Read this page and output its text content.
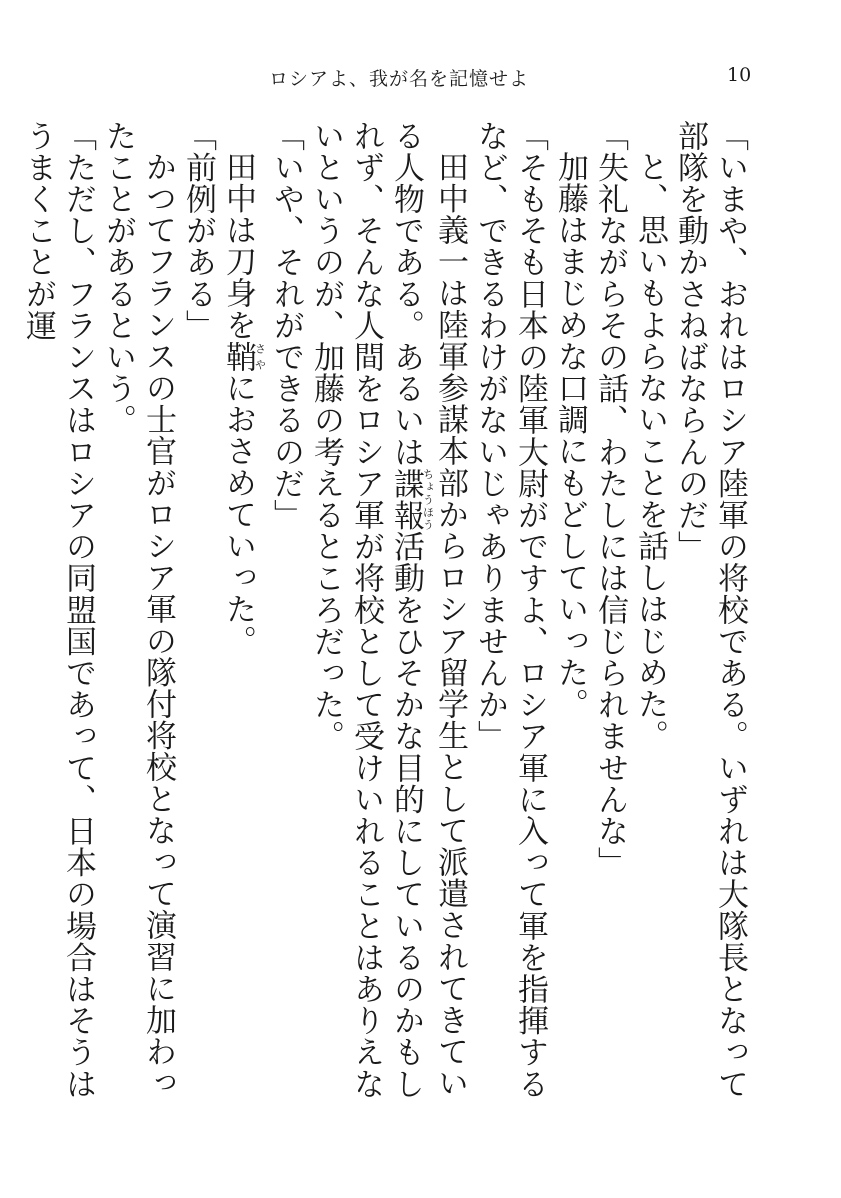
ロシアよ、我が名を記憶せよ	10

「いまや、おれはロシア陸軍の将校である。いずれは大隊長となって部隊を動かさねばならんのだ」

と、思いもよらないことを話しはじめた。

「失礼ながらその話、わたしには信じられませんな」

加藤はまじめな口調にもどしていった。

「そもそも日本の陸軍大尉がですよ、ロシア軍に入って軍を指揮するなど、できるわけがないじゃありませんか」

田中義一は陸軍参謀本部からロシア留学生として派遣されてきている人物である。あるいは諜報ちょうほう活動をひそかな目的にしているのかもしれず、そんな人間をロシア軍が将校として受けいれることはありえないというのが、加藤の考えるところだった。

「いや、それができるのだ」

田中は刀身を鞘さやにおさめていった。

「前例がある」

かつてフランスの士官がロシア軍の隊付将校となって演習に加わったことがあるという。

「ただし、フランスはロシアの同盟国であって、日本の場合はそうはうまくことが運
